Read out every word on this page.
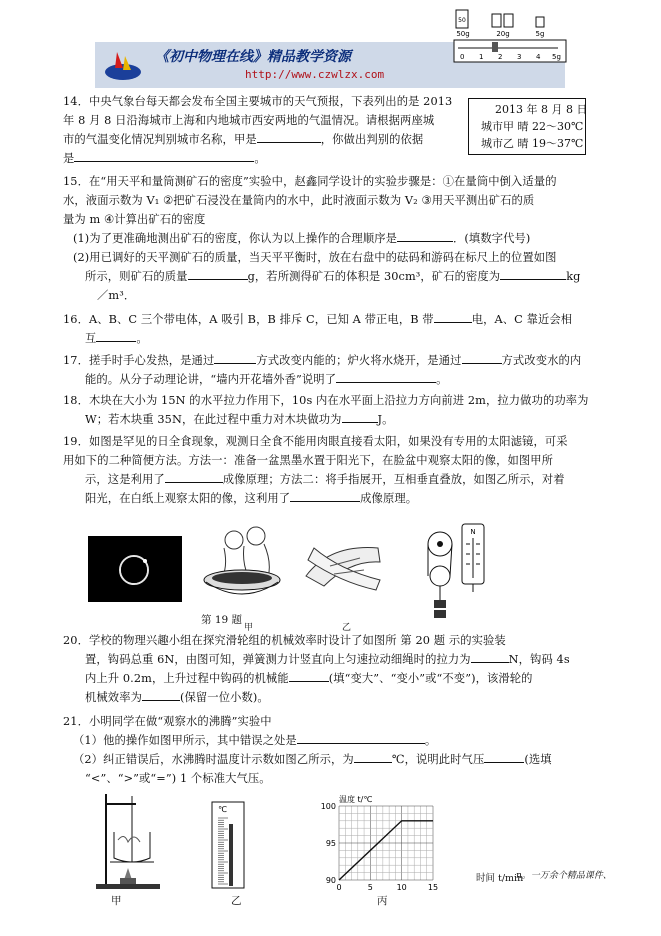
《初中物理在线》精品教学资源
http://www.czwlzx.com
50
50g	20g	5g
0 1 2 3 4 5g

14．中央气象台每天都会发布全国主要城市的天气预报，下表列出的是 2013

年 8 月 8 日沿海城市上海和内地城市西安两地的气温情况。请根据两座城

市的气温变化情况判别城市名称，甲是	，你做出判别的依据

是	。

2013 年 8 月 8 日

城市甲 晴 22～30℃

城市乙 晴 19～37℃

15．在“用天平和量筒测矿石的密度”实验中，赵鑫同学设计的实验步骤是：①在量筒中倒入适量的

水，液面示数为 V₁ ②把矿石浸没在量筒内的水中，此时液面示数为 V₂ ③用天平测出矿石的质

量为 m ④计算出矿石的密度

(1)为了更准确地测出矿石的密度，你认为以上操作的合理顺序是	．(填数字代号)

(2)用已调好的天平测矿石的质量，当天平平衡时，放在右盘中的砝码和游码在标尺上的位置如图

所示，则矿石的质量	g，若所测得矿石的体积是 30cm³，矿石的密度为	kg

／m³．

16．A、B、C 三个带电体，A 吸引 B，B 排斥 C，已知 A 带正电，B 带	电，A、C 靠近会相

互	。

17．搓手时手心发热，是通过	方式改变内能的；炉火将水烧开，是通过	方式改变水的内

能的。从分子动理论讲，“墙内开花墙外香”说明了	。

18．木块在大小为 15N 的水平拉力作用下，10s 内在水平面上沿拉力方向前进 2m，拉力做功的功率为

W；若木块重 35N，在此过程中重力对木块做功为	J。

19．如图是罕见的日全食现象，观测日全食不能用肉眼直接看太阳，如果没有专用的太阳滤镜，可采

用如下的二种简便方法。方法一：准备一盆黑墨水置于阳光下，在脸盆中观察太阳的像，如图甲所

示，这是利用了	成像原理；方法二：将手指展开，互相垂直叠放，如图乙所示，对着

阳光，在白纸上观察太阳的像，这利用了	成像原理。

N
第 19 题
甲	乙

20．学校的物理兴趣小组在探究滑轮组的机械效率时设计了如图所 第 20 题 示的实验装

置，钩码总重 6N，由图可知，弹簧测力计竖直向上匀速拉动细绳时的拉力为	N，钩码 4s

内上升 0.2m，上升过程中钩码的机械能	(填“变大”、“变小”或“不变”)，该滑轮的

机械效率为	(保留一位小数)。

21．小明同学在做“观察水的沸腾”实验中

（1）他的操作如图甲所示，其中错误之处是	。

（2）纠正错误后，水沸腾时温度计示数如图乙所示，为	℃，说明此时气压	(选填

“<”、“>”或“=”) 1 个标准大气压。

甲
℃
乙
温度 t/℃
0	5	10	15
90
95
100
时间 t/min
n。一万余个精品课件、
丙
